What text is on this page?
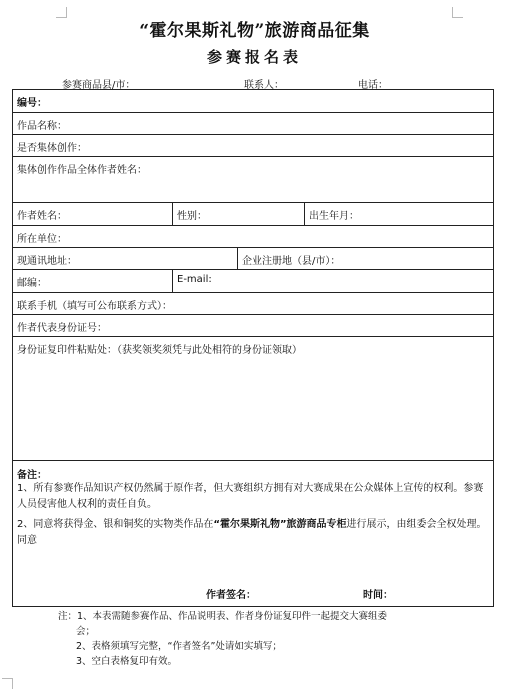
“霍尔果斯礼物”旅游商品征集
参赛报名表
参赛商品县/市：	联系人：	电话：
编号：
作品名称：
是否集体创作：
集体创作作品全体作者姓名：
作者姓名：	性别：	出生年月：
所在单位：
现通讯地址：	企业注册地（县/市）：
邮编：	E-mail:
联系手机（填写可公布联系方式）：
作者代表身份证号：
身份证复印件粘贴处：（获奖领奖须凭与此处相符的身份证领取）
备注：
1、所有参赛作品知识产权仍然属于原作者，但大赛组织方拥有对大赛成果在公众媒体上宣传的权利。参赛人员侵害他人权利的责任自负。
2、同意将获得金、银和铜奖的实物类作品在“霍尔果斯礼物”旅游商品专柜进行展示，由组委会全权处理。同意
作者签名：	时间：
注：1、本表需随参赛作品、作品说明表、作者身份证复印件一起提交大赛组委
会；
2、表格须填写完整，“作者签名”处请如实填写；
3、空白表格复印有效。
